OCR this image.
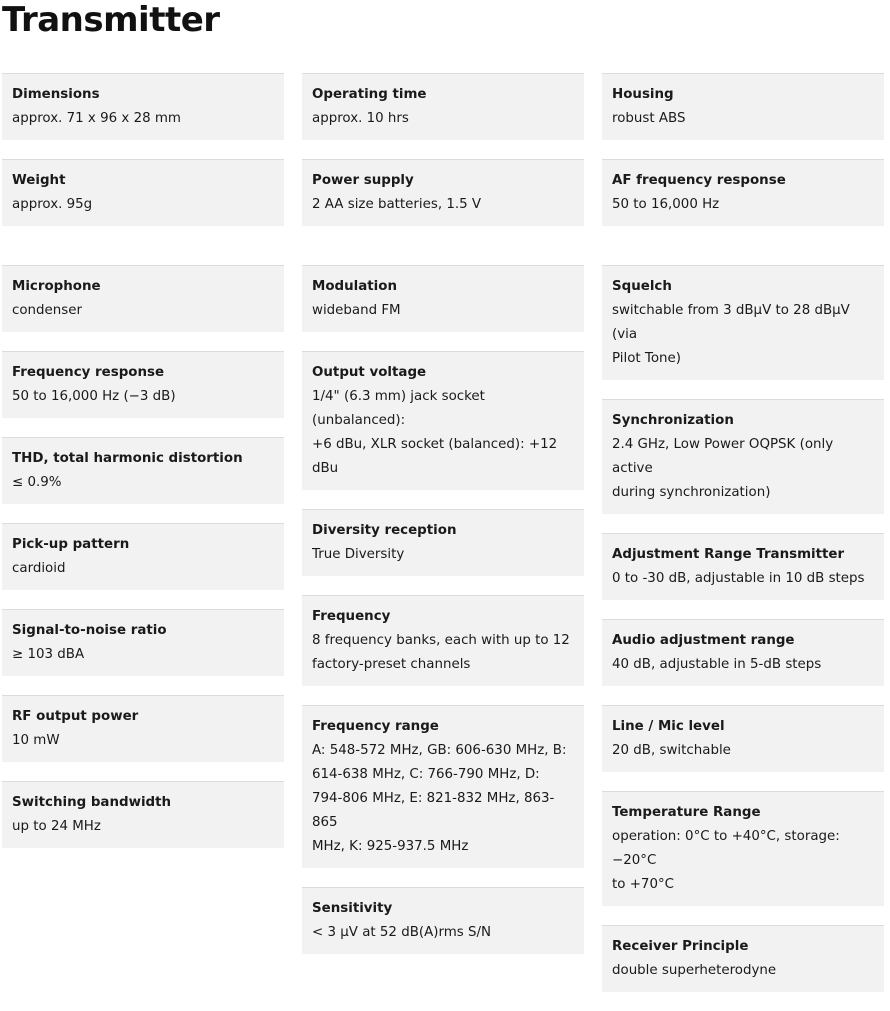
Transmitter
Dimensions
approx. 71 x 96 x 28 mm
Weight
approx. 95g
Microphone
condenser
Frequency response
50 to 16,000 Hz (−3 dB)
THD, total harmonic distortion
≤ 0.9%
Pick-up pattern
cardioid
Signal-to-noise ratio
≥ 103 dBA
RF output power
10 mW
Switching bandwidth
up to 24 MHz
Operating time
approx. 10 hrs
Power supply
2 AA size batteries, 1.5 V
Modulation
wideband FM
Output voltage
1/4" (6.3 mm) jack socket (unbalanced):
+6 dBu, XLR socket (balanced): +12 dBu
Diversity reception
True Diversity
Frequency
8 frequency banks, each with up to 12
factory-preset channels
Frequency range
A: 548-572 MHz, GB: 606-630 MHz, B:
614-638 MHz, C: 766-790 MHz, D:
794-806 MHz, E: 821-832 MHz, 863-865
MHz, K: 925-937.5 MHz
Sensitivity
< 3 µV at 52 dB(A)rms S/N
Housing
robust ABS
AF frequency response
50 to 16,000 Hz
Squelch
switchable from 3 dBµV to 28 dBµV (via
Pilot Tone)
Synchronization
2.4 GHz, Low Power OQPSK (only active
during synchronization)
Adjustment Range Transmitter
0 to -30 dB, adjustable in 10 dB steps
Audio adjustment range
40 dB, adjustable in 5-dB steps
Line / Mic level
20 dB, switchable
Temperature Range
operation: 0°C to +40°C, storage: −20°C
to +70°C
Receiver Principle
double superheterodyne
